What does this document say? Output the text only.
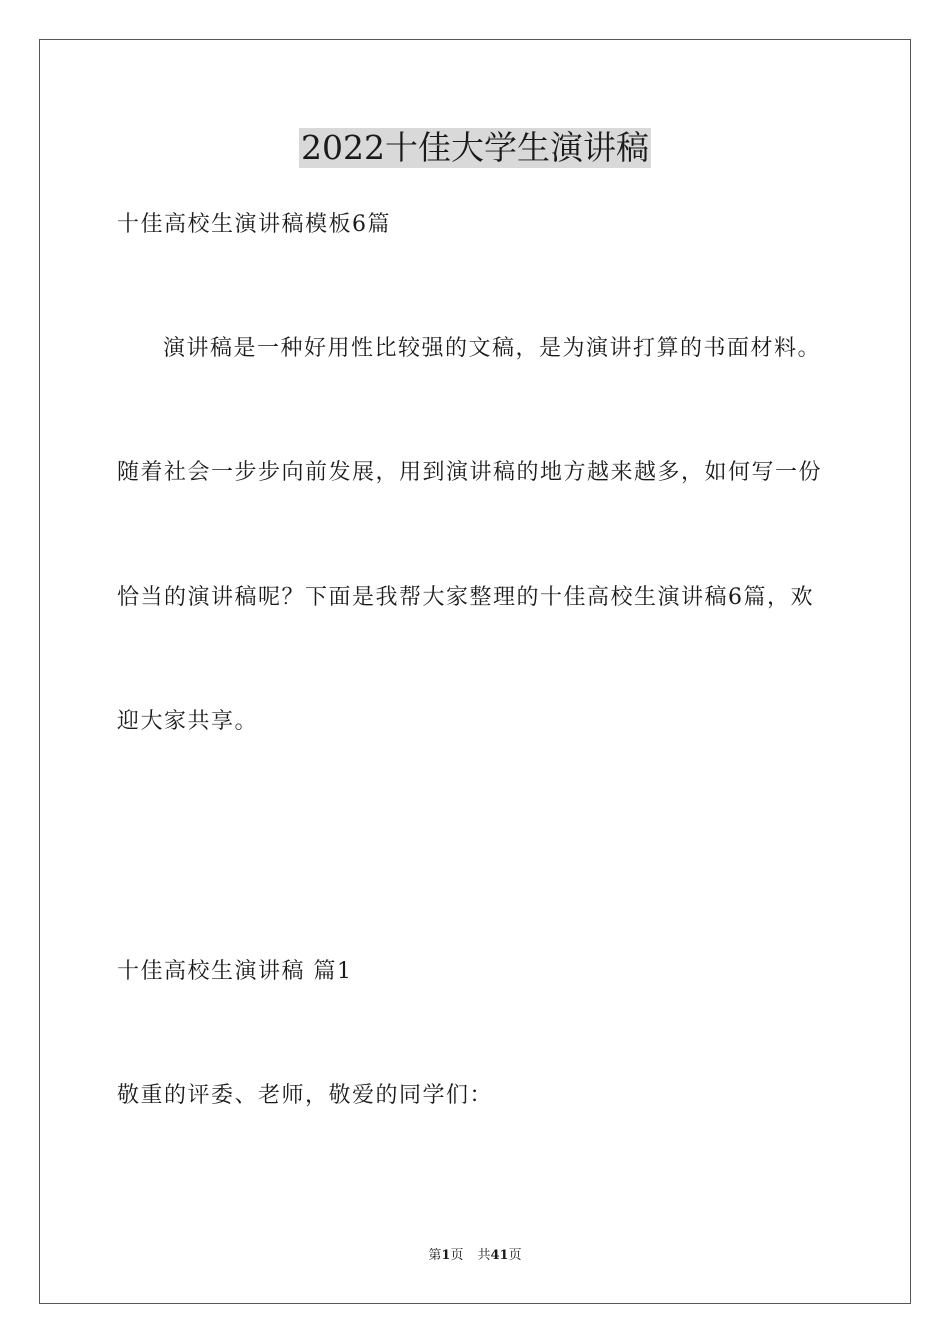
2022十佳大学生演讲稿
十佳高校生演讲稿模板6篇
演讲稿是一种好用性比较强的文稿，是为演讲打算的书面材料。
随着社会一步步向前发展，用到演讲稿的地方越来越多，如何写一份
恰当的演讲稿呢？下面是我帮大家整理的十佳高校生演讲稿6篇，欢
迎大家共享。
十佳高校生演讲稿 篇1
敬重的评委、老师，敬爱的同学们：
第1页 共41页
